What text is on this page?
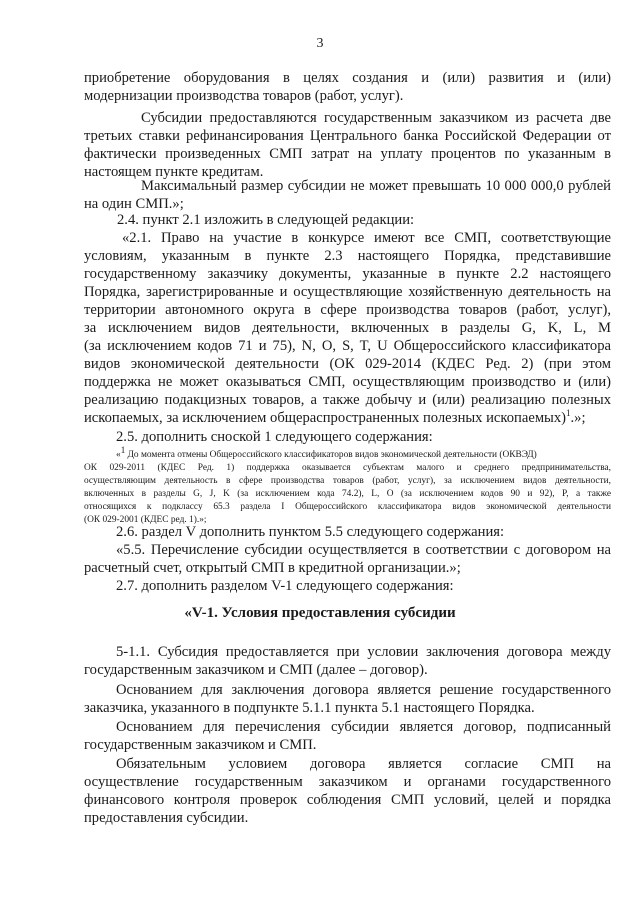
3
приобретение оборудования в целях создания и (или) развития и (или)
модернизации производства товаров (работ, услуг).
Субсидии предоставляются государственным заказчиком из расчета две
третьих ставки рефинансирования Центрального банка Российской Федерации от
фактически произведенных СМП затрат на уплату процентов по указанным в
настоящем пункте кредитам.
Максимальный размер субсидии не может превышать 10 000 000,0 рублей
на один СМП.»;
2.4. пункт 2.1 изложить в следующей редакции:
«2.1. Право на участие в конкурсе имеют все СМП, соответствующие
условиям, указанным в пункте 2.3 настоящего Порядка, представившие
государственному заказчику документы, указанные в пункте 2.2 настоящего
Порядка, зарегистрированные и осуществляющие хозяйственную деятельность на
территории автономного округа в сфере производства товаров (работ, услуг),
за исключением видов деятельности, включенных в разделы G, K, L, M
(за исключением кодов 71 и 75), N, O, S, T, U Общероссийского классификатора
видов экономической деятельности (ОК 029-2014 (КДЕС Ред. 2) (при этом
поддержка не может оказываться СМП, осуществляющим производство и (или)
реализацию подакцизных товаров, а также добычу и (или) реализацию полезных
ископаемых, за исключением общераспространенных полезных ископаемых)$^1$.»;
2.5. дополнить сноской 1 следующего содержания:
«$^1$ До момента отмены Общероссийского классификаторов видов экономической деятельности (ОКВЭД)
ОК 029-2011 (КДЕС Ред. 1) поддержка оказывается субъектам малого и среднего предпринимательства,
осуществляющим деятельность в сфере производства товаров (работ, услуг), за исключением видов деятельности,
включенных в разделы G, J, K (за исключением кода 74.2), L, O (за исключением кодов 90 и 92), P, а также
относящихся к подклассу 65.3 раздела I Общероссийского классификатора видов экономической деятельности
(ОК 029-2001 (КДЕС ред. 1).»;
2.6. раздел V дополнить пунктом 5.5 следующего содержания:
«5.5. Перечисление субсидии осуществляется в соответствии с договором на
расчетный счет, открытый СМП в кредитной организации.»;
2.7. дополнить разделом V-1 следующего содержания:
«V-1. Условия предоставления субсидии
5-1.1. Субсидия предоставляется при условии заключения договора между
государственным заказчиком и СМП (далее – договор).
Основанием для заключения договора является решение государственного
заказчика, указанного в подпункте 5.1.1 пункта 5.1 настоящего Порядка.
Основанием для перечисления субсидии является договор, подписанный
государственным заказчиком и СМП.
Обязательным условием договора является согласие СМП на
осуществление государственным заказчиком и органами государственного
финансового контроля проверок соблюдения СМП условий, целей и порядка
предоставления субсидии.
